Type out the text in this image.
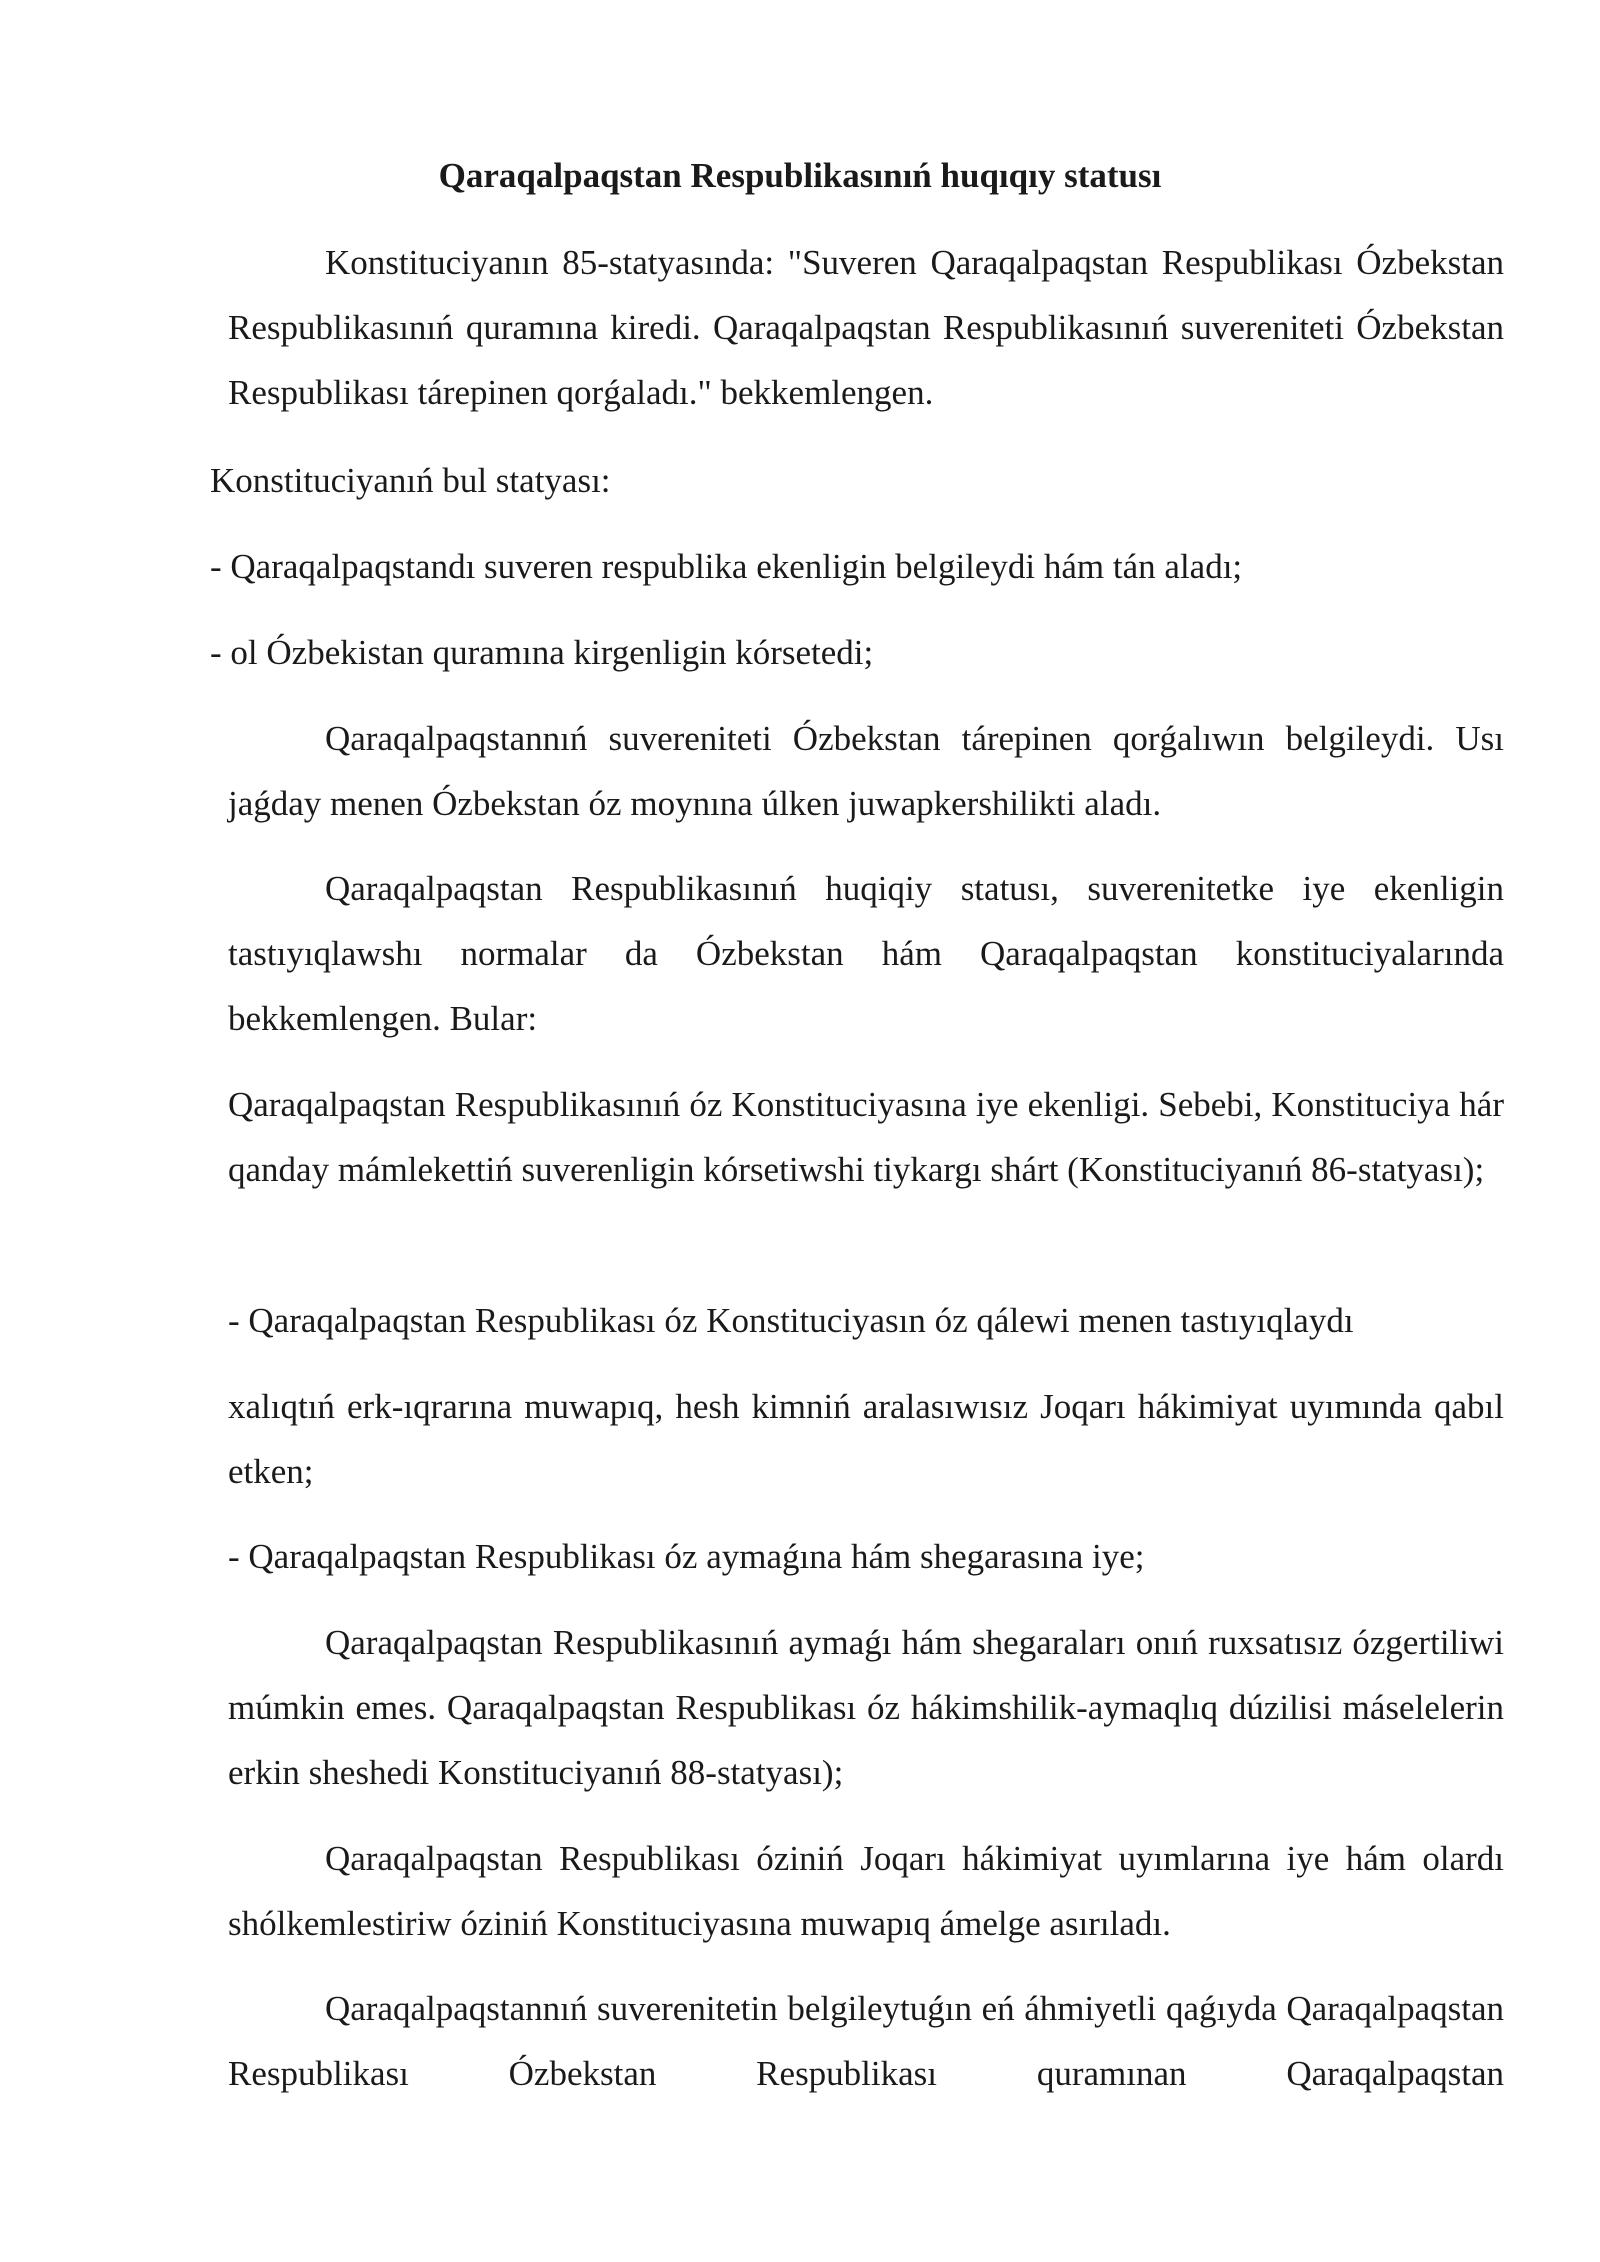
Qaraqalpaqstan Respublikasınıń huqıqıy statusı

Konstituciyanın 85-statyasında: "Suveren Qaraqalpaqstan Respublikası Ózbekstan Respublikasınıń quramına kiredi. Qaraqalpaqstan Respublikasınıń suvereniteti Ózbekstan Respublikası tárepinen qorǵaladı." bekkemlengen.

Konstituciyanıń bul statyası:

- Qaraqalpaqstandı suveren respublika ekenligin belgileydi hám tán aladı;

- ol Ózbekistan quramına kirgenligin kórsetedi;

Qaraqalpaqstannıń suvereniteti Ózbekstan tárepinen qorǵalıwın belgileydi. Usı jaǵday menen Ózbekstan óz moynına úlken juwapkershilikti aladı.

Qaraqalpaqstan Respublikasınıń huqiqiy statusı, suverenitetke iye ekenligin tastıyıqlawshı normalar da Ózbekstan hám Qaraqalpaqstan konstituciyalarında bekkemlengen. Bular:

Qaraqalpaqstan Respublikasınıń óz Konstituciyasına iye ekenligi. Sebebi, Konstituciya hár qanday mámlekettiń suverenligin kórsetiwshi tiykargı shárt (Konstituciyanıń 86-statyası);

- Qaraqalpaqstan Respublikası óz Konstituciyasın óz qálewi menen tastıyıqlaydı

xalıqtıń erk-ıqrarına muwapıq, hesh kimniń aralasıwısız Joqarı hákimiyat uyımında qabıl etken;

- Qaraqalpaqstan Respublikası óz aymaǵına hám shegarasına iye;

Qaraqalpaqstan Respublikasınıń aymaǵı hám shegaraları onıń ruxsatısız ózgertiliwi múmkin emes. Qaraqalpaqstan Respublikası óz hákimshilik-aymaqlıq dúzilisi máselelerin erkin sheshedi Konstituciyanıń 88-statyası);

Qaraqalpaqstan Respublikası óziniń Joqarı hákimiyat uyımlarına iye hám olardı shólkemlestiriw óziniń Konstituciyasına muwapıq ámelge asırıladı.

Qaraqalpaqstannıń suverenitetin belgileytuǵın eń áhmiyetli qaǵıyda Qaraqalpaqstan Respublikası Ózbekstan Respublikası quramınan Qaraqalpaqstan
